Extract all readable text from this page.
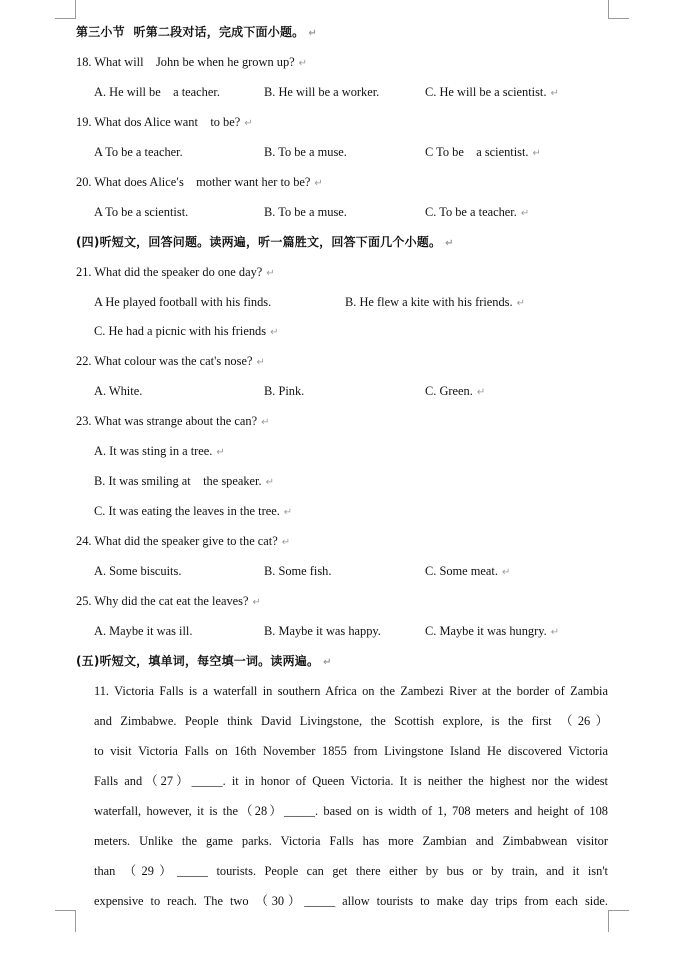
第三小节  听第二段对话，完成下面小题。 ↵
18. What will    John be when he grown up? ↵
A. He will be    a teacher.	B. He will be a worker.	C. He will be a scientist. ↵
19. What dos Alice want    to be? ↵
A To be a teacher.	B. To be a muse.	C To be    a scientist. ↵
20. What does Alice′s    mother want her to be? ↵
A To be a scientist.	B. To be a muse.	C. To be a teacher. ↵
(四)听短文，回答问题。读两遍，听一篇胜文，回答下面几个小题。 ↵
21. What did the speaker do one day? ↵
A He played football with his finds.	B. He flew a kite with his friends. ↵
C. He had a picnic with his friends ↵
22. What colour was the cat's nose? ↵
A. White.	B. Pink.	C. Green. ↵
23. What was strange about the can? ↵
A. It was sting in a tree. ↵
B. It was smiling at    the speaker. ↵
C. It was eating the leaves in the tree. ↵
24. What did the speaker give to the cat? ↵
A. Some biscuits.	B. Some fish.	C. Some meat. ↵
25. Why did the cat eat the leaves? ↵
A. Maybe it was ill.	B. Maybe it was happy.	C. Maybe it was hungry. ↵
(五)听短文，填单词，每空填一词。读两遍。 ↵
11. Victoria Falls is a waterfall in southern Africa on the Zambezi River at the border of Zambia
and Zimbabwe. People think David Livingstone, the Scottish explore, is the first （26）
to visit Victoria Falls on 16th November 1855 from Livingstone Island He discovered Victoria
Falls and（27）_____. it in honor of Queen Victoria. It is neither the highest nor the widest
waterfall, however, it is the（28）_____. based on is width of 1, 708 meters and height of 108
meters. Unlike the game parks. Victoria Falls has more Zambian and Zimbabwean visitor
than （29）_____ tourists. People can get there either by bus or by train, and it isn't
expensive to reach. The two （30）_____ allow tourists to make day trips from each side.
